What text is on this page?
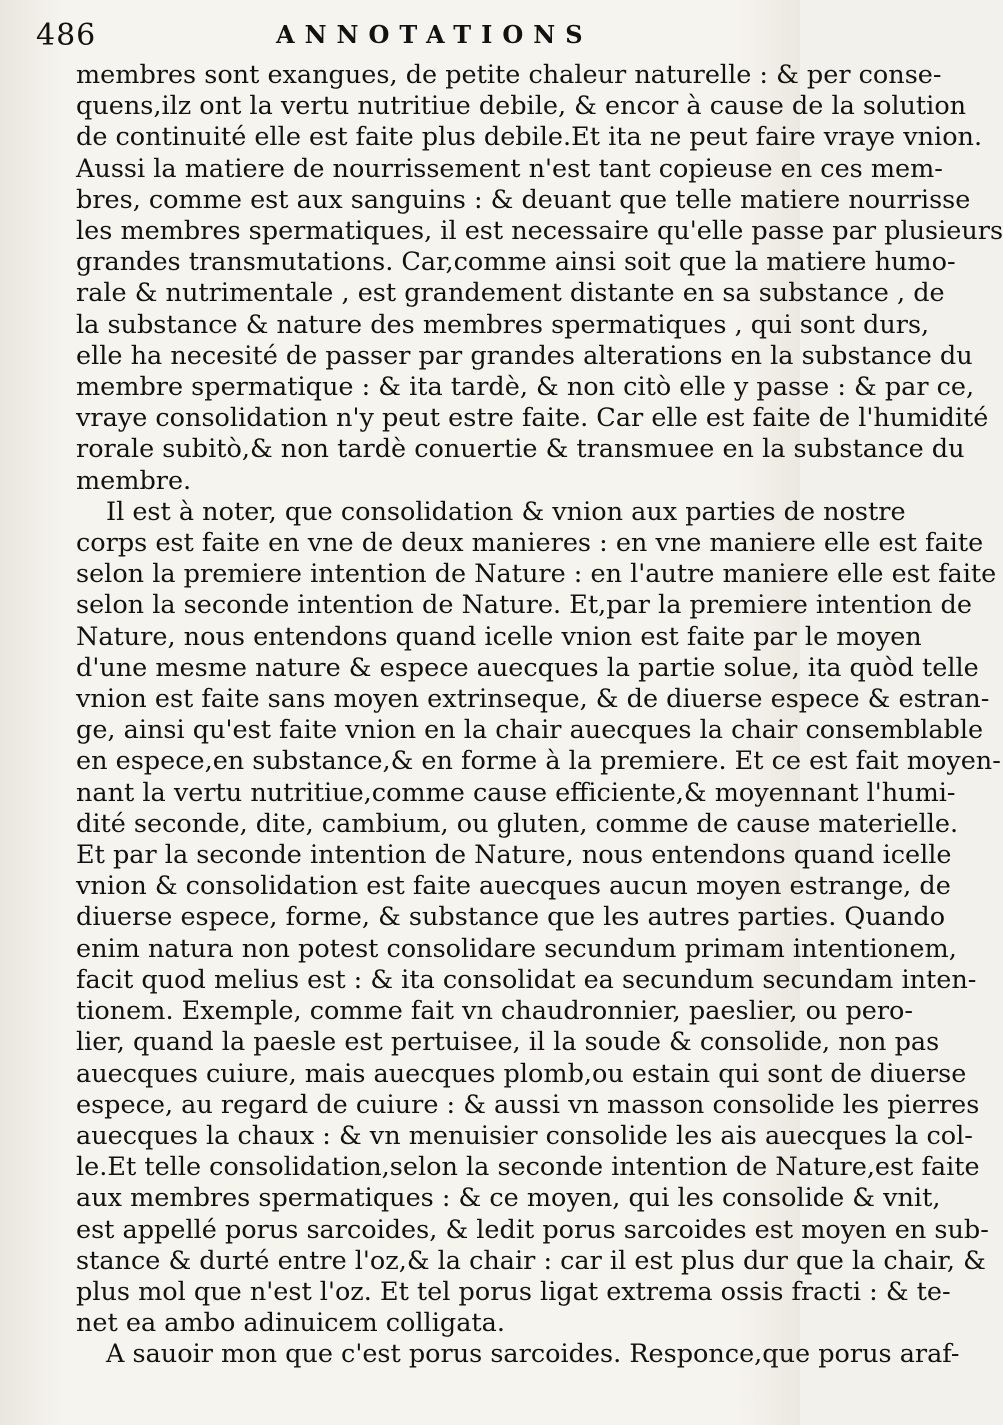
486	ANNOTATIONS
membres sont exangues, de petite chaleur naturelle : & per conse-
quens,ilz ont la vertu nutritiue debile, & encor à cause de la solution
de continuité elle est faite plus debile.Et ita ne peut faire vraye vnion.
Aussi la matiere de nourrissement n'est tant copieuse en ces mem-
bres, comme est aux sanguins : & deuant que telle matiere nourrisse
les membres spermatiques, il est necessaire qu'elle passe par plusieurs
grandes transmutations. Car,comme ainsi soit que la matiere humo-
rale & nutrimentale , est grandement distante en sa substance , de
la substance & nature des membres spermatiques , qui sont durs,
elle ha necesité de passer par grandes alterations en la substance du
membre spermatique : & ita tardè, & non citò elle y passe : & par ce,
vraye consolidation n'y peut estre faite. Car elle est faite de l'humidité
rorale subitò,& non tardè conuertie & transmuee en la substance du
membre.
Il est à noter, que consolidation & vnion aux parties de nostre
corps est faite en vne de deux manieres : en vne maniere elle est faite
selon la premiere intention de Nature : en l'autre maniere elle est faite
selon la seconde intention de Nature. Et,par la premiere intention de
Nature, nous entendons quand icelle vnion est faite par le moyen
d'une mesme nature & espece auecques la partie solue, ita quòd telle
vnion est faite sans moyen extrinseque, & de diuerse espece & estran-
ge, ainsi qu'est faite vnion en la chair auecques la chair consemblable
en espece,en substance,& en forme à la premiere. Et ce est fait moyen-
nant la vertu nutritiue,comme cause efficiente,& moyennant l'humi-
dité seconde, dite, cambium, ou gluten, comme de cause materielle.
Et par la seconde intention de Nature, nous entendons quand icelle
vnion & consolidation est faite auecques aucun moyen estrange, de
diuerse espece, forme, & substance que les autres parties. Quando
enim natura non potest consolidare secundum primam intentionem,
facit quod melius est : & ita consolidat ea secundum secundam inten-
tionem. Exemple, comme fait vn chaudronnier, paeslier, ou pero-
lier, quand la paesle est pertuisee, il la soude & consolide, non pas
auecques cuiure, mais auecques plomb,ou estain qui sont de diuerse
espece, au regard de cuiure : & aussi vn masson consolide les pierres
auecques la chaux : & vn menuisier consolide les ais auecques la col-
le.Et telle consolidation,selon la seconde intention de Nature,est faite
aux membres spermatiques : & ce moyen, qui les consolide & vnit,
est appellé porus sarcoides, & ledit porus sarcoides est moyen en sub-
stance & durté entre l'oz,& la chair : car il est plus dur que la chair, &
plus mol que n'est l'oz. Et tel porus ligat extrema ossis fracti : & te-
net ea ambo adinuicem colligata.
A sauoir mon que c'est porus sarcoides. Responce,que porus araf-
